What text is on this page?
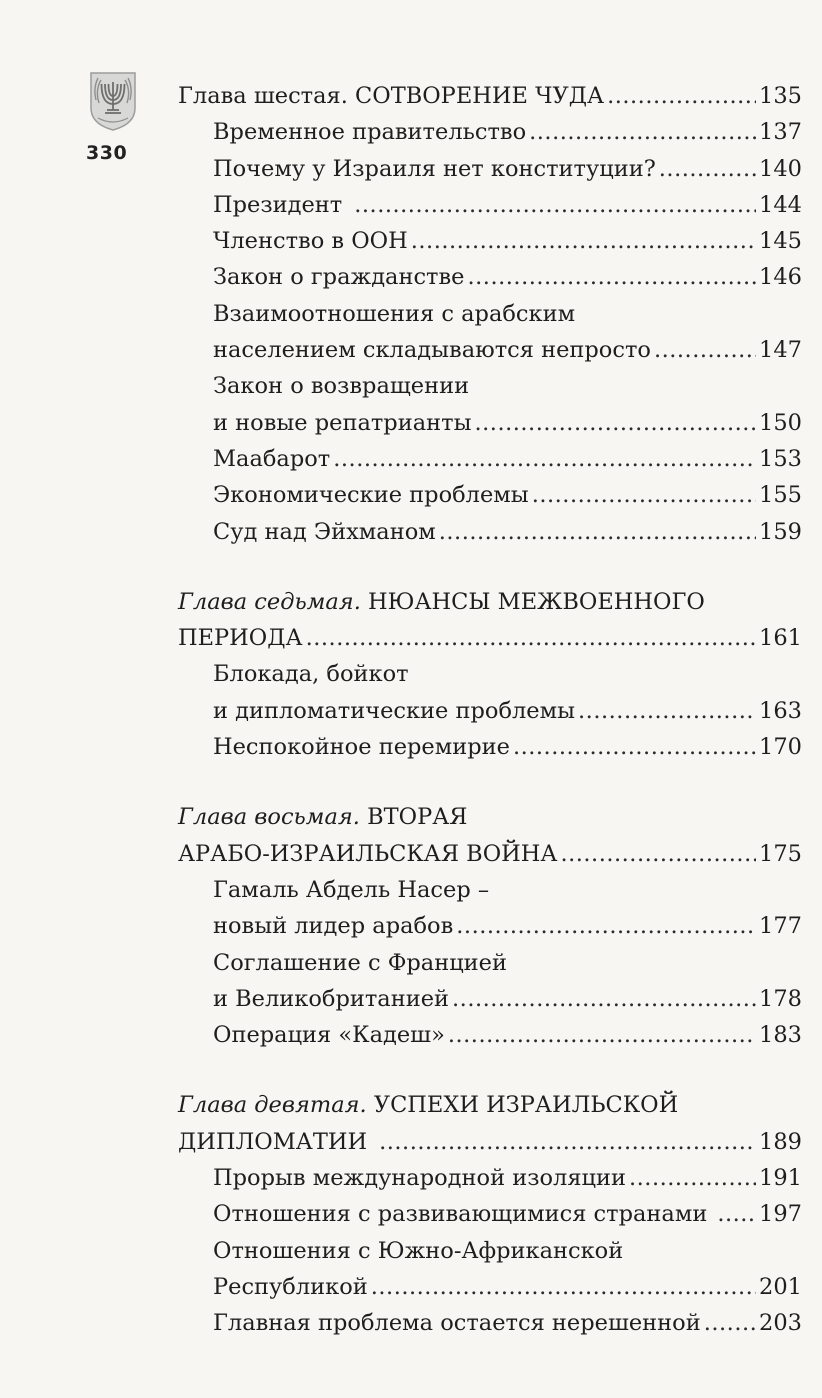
330
Глава шестая. СОТВОРЕНИЕ ЧУДА .....	135
Временное правительство .....	137
Почему у Израиля нет конституции? .....	140
Президент .....	144
Членство в ООН .....	145
Закон о гражданстве .....	146
Взаимоотношения с арабским
населением складываются непросто .....	147
Закон о возвращении
и новые репатрианты .....	150
Маабарот .....	153
Экономические проблемы .....	155
Суд над Эйхманом .....	159
Глава седьмая. НЮАНСЫ МЕЖВОЕННОГО
ПЕРИОДА .....	161
Блокада, бойкот
и дипломатические проблемы .....	163
Неспокойное перемирие .....	170
Глава восьмая. ВТОРАЯ
АРАБО-ИЗРАИЛЬСКАЯ ВОЙНА .....	175
Гамаль Абдель Насер –
новый лидер арабов .....	177
Соглашение с Францией
и Великобританией .....	178
Операция «Кадеш» .....	183
Глава девятая. УСПЕХИ ИЗРАИЛЬСКОЙ
ДИПЛОМАТИИ .....	189
Прорыв международной изоляции .....	191
Отношения с развивающимися странами ..... 197
Отношения с Южно-Африканской
Республикой .....	201
Главная проблема остается нерешенной .....	203
